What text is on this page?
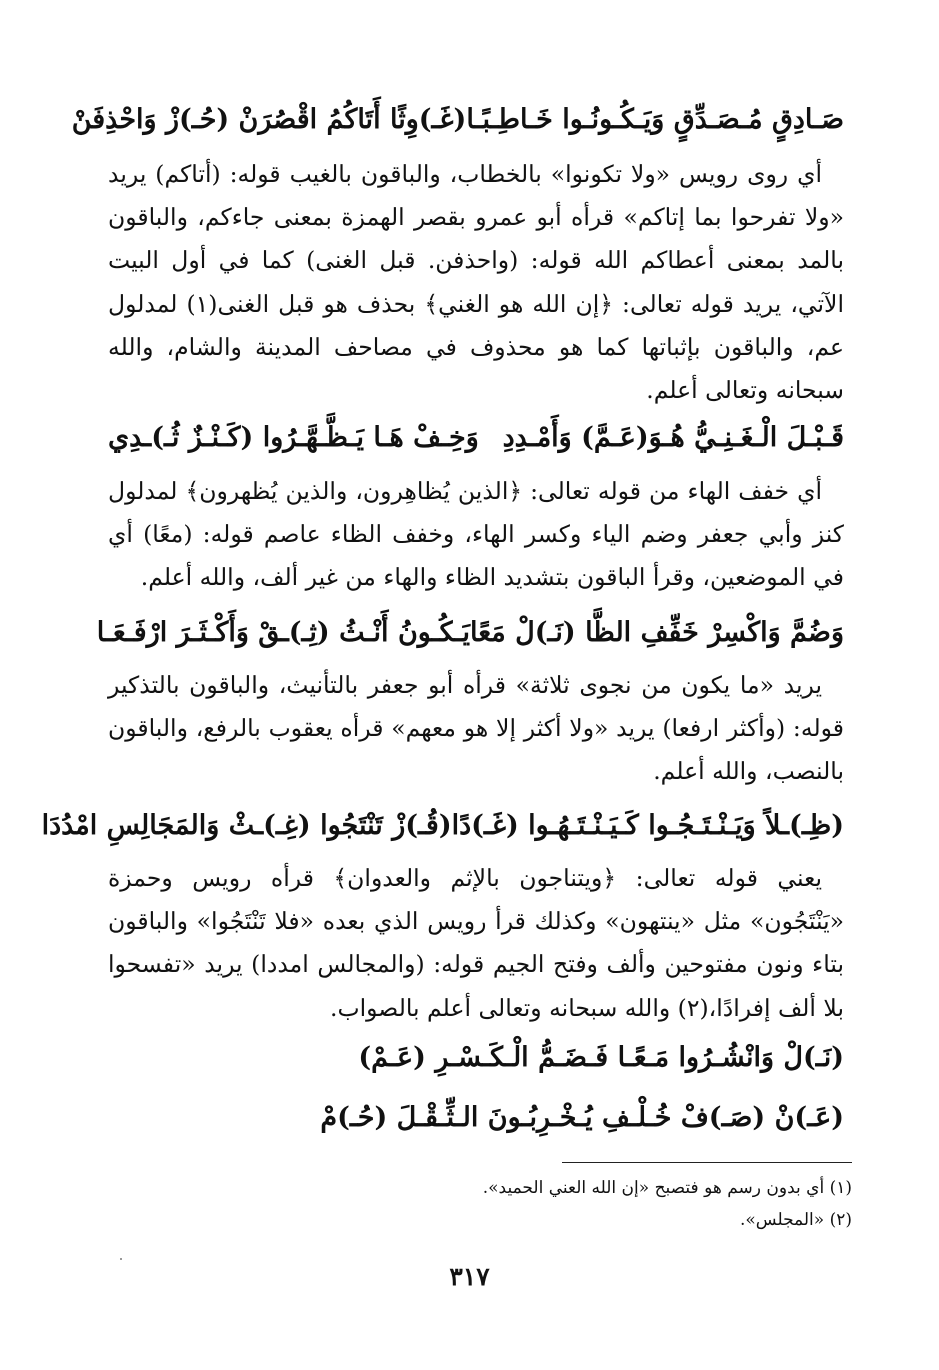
صَـادِقٍ مُـصَـدِّقٍ وَيَـكُـونُـوا خَـاطِـبًـا
(غَـ)وِثًا أَتَاكُمُ اقْصُرَنْ (حُـ)زْ وَاحْذِفَنْ
أي روى رويس «ولا تكونوا» بالخطاب، والباقون بالغيب قوله: (أتاكم) يريد «ولا تفرحوا بما إتاكم» قرأه أبو عمرو بقصر الهمزة بمعنى جاءكم، والباقون بالمد بمعنى أعطاكم الله قوله: (واحذفن. قبل الغنى) كما في أول البيت الآتي، يريد قوله تعالى: ﴿إن الله هو الغني﴾ بحذف هو قبل الغنى(١) لمدلول عم، والباقون بإثباتها كما هو محذوف في مصاحف المدينة والشام، والله سبحانه وتعالى أعلم.
قَـبْـلَ الْـغَـنِـيُّ هُـوَ(عَـمَّ) وَأَمْـدِدِ
وَخِـفْ هَـا يَـظَّـهَّـرُوا (كَـنْـزٌ ثُـ)ـدِي
أي خفف الهاء من قوله تعالى: ﴿الذين يُظاهِرون، والذين يُظهرون﴾ لمدلول كنز وأبي جعفر وضم الياء وكسر الهاء، وخفف الظاء عاصم قوله: (معًا) أي في الموضعين، وقرأ الباقون بتشديد الظاء والهاء من غير ألف، والله أعلم.
وَضُمَّ وَاكْسِرْ خَفِّفِ الظَّا (نَـ)لْ مَعًا
يَـكُـونُ أَنْـثُ (ثِـ)ـقْ وَأَكْـثَـرَ ارْفَـعَـا
يريد «ما يكون من نجوى ثلاثة» قرأه أبو جعفر بالتأنيث، والباقون بالتذكير قوله: (وأكثر ارفعا) يريد «ولا أكثر إلا هو معهم» قرأه يعقوب بالرفع، والباقون بالنصب، والله أعلم.
(ظِـ)ـلاً وَيَـنْـتَـجُـوا كَـيَـنْـتَـهُـوا (غَـ)دًا
(قُـ)زْ تَنْتَجُوا (غِـ)ـثْ وَالمَجَالِسِ امْدُدَا
يعني قوله تعالى: ﴿ويتناجون بالإثم والعدوان﴾ قرأه رويس وحمزة «يَنْتَجُون» مثل «ينتهون» وكذلك قرأ رويس الذي بعده «فلا تَنْتَجُوا» والباقون بتاء ونون مفتوحين وألف وفتح الجيم قوله: (والمجالس امددا) يريد «تفسحوا بلا ألف إفرادًا،(٢) والله سبحانه وتعالى أعلم بالصواب.
(نَـ)لْ وَانْشُـرُوا مَـعًـا فَـضَـمُّ الْـكَـسْـرِ (عَـمْ)
(عَـ)نْ (صَـ)فْ خُـلْـفِ يُـخْـرِبُـونَ الـثِّـقْـلَ (حُـ)مْ
(١) أي بدون رسم هو فتصبح «إن الله العني الحميد».
(٢) «المجلس».
٣١٧
